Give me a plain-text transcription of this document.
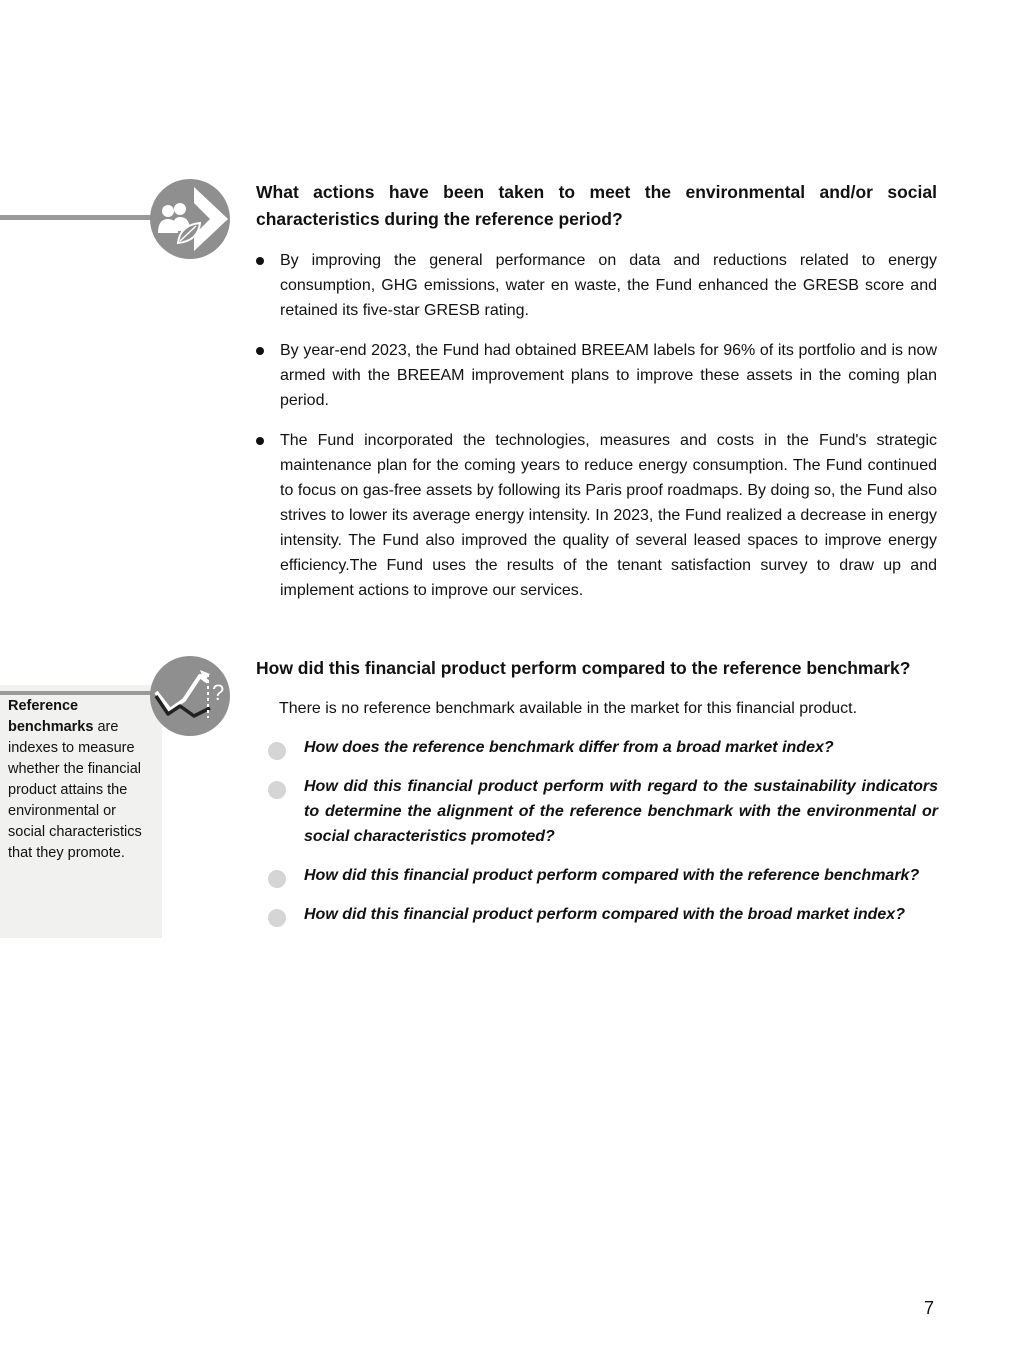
What actions have been taken to meet the environmental and/or social characteristics during the reference period?
By improving the general performance on data and reductions related to energy consumption, GHG emissions, water en waste, the Fund enhanced the GRESB score and retained its five-star GRESB rating.
By year-end 2023, the Fund had obtained BREEAM labels for 96% of its portfolio and is now armed with the BREEAM improvement plans to improve these assets in the coming plan period.
The Fund incorporated the technologies, measures and costs in the Fund's strategic maintenance plan for the coming years to reduce energy consumption. The Fund continued to focus on gas-free assets by following its Paris proof roadmaps. By doing so, the Fund also strives to lower its average energy intensity. In 2023, the Fund realized a decrease in energy intensity. The Fund also improved the quality of several leased spaces to improve energy efficiency.The Fund uses the results of the tenant satisfaction survey to draw up and implement actions to improve our services.
Reference benchmarks are indexes to measure whether the financial product attains the environmental or social characteristics that they promote.
?
How did this financial product perform compared to the reference benchmark?
There is no reference benchmark available in the market for this financial product.
How does the reference benchmark differ from a broad market index?
How did this financial product perform with regard to the sustainability indicators to determine the alignment of the reference benchmark with the environmental or social characteristics promoted?
How did this financial product perform compared with the reference benchmark?
How did this financial product perform compared with the broad market index?
7
